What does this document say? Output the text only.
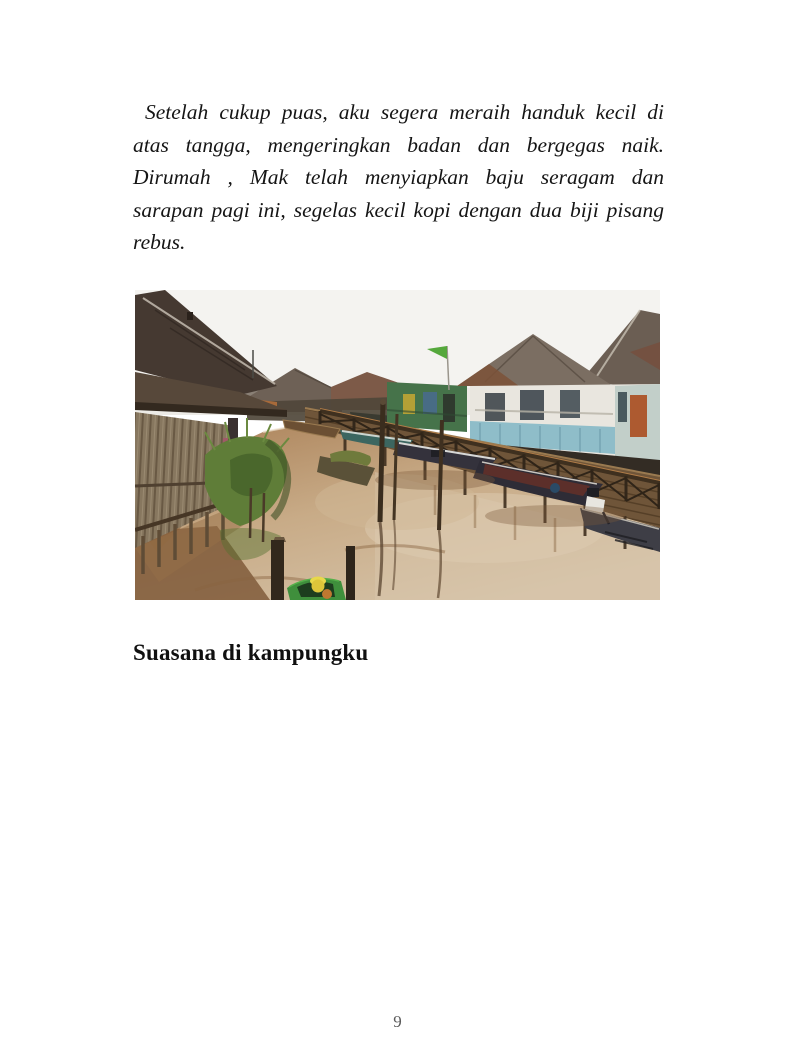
Setelah cukup puas, aku segera meraih handuk kecil di
atas tangga, mengeringkan badan dan bergegas naik.
Dirumah , Mak telah menyiapkan baju seragam dan
sarapan pagi ini, segelas kecil kopi dengan dua biji pisang
rebus.
Suasana di kampungku
9
